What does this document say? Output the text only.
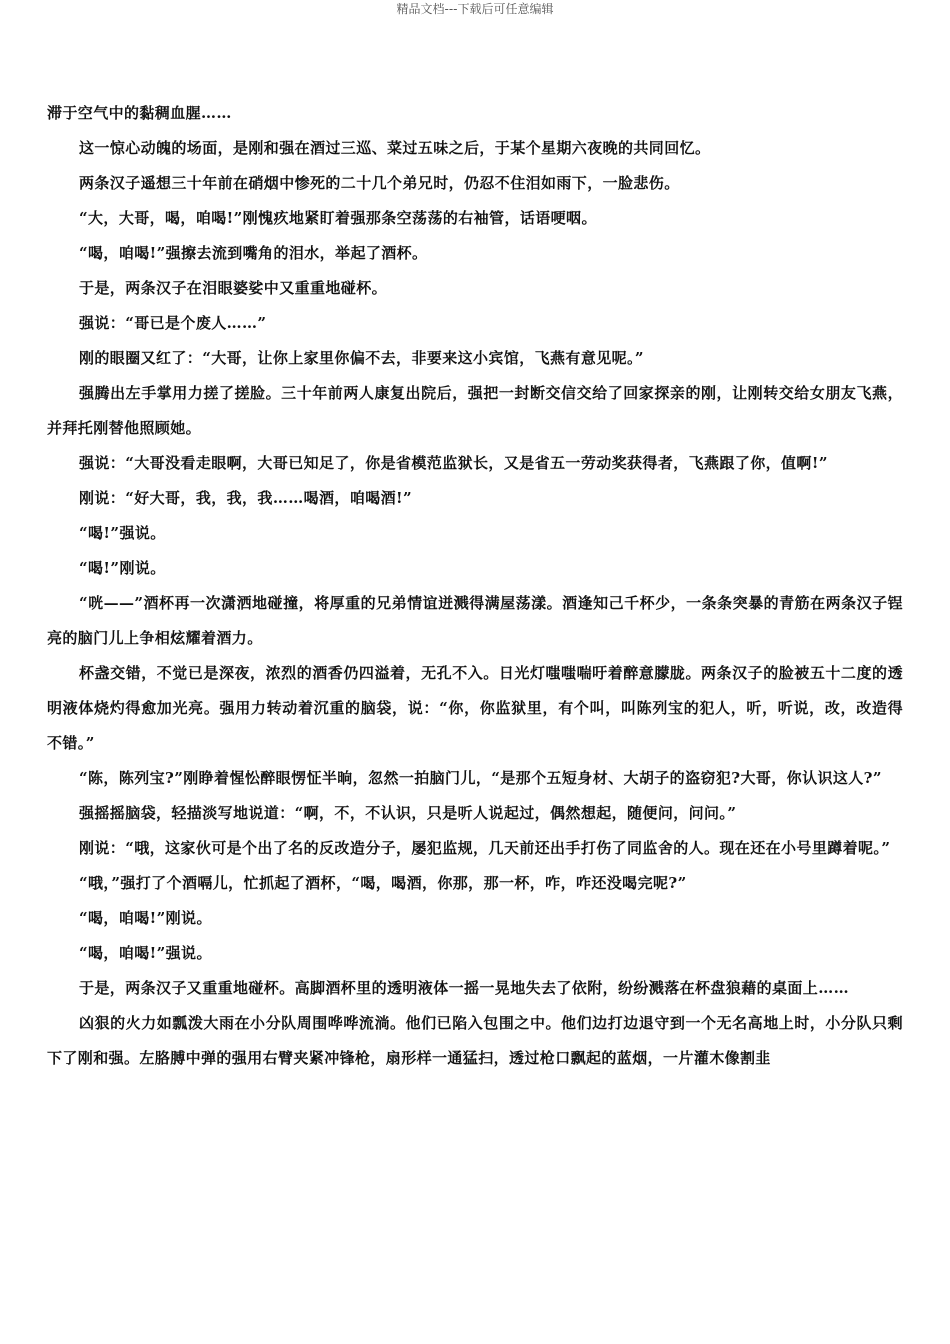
精品文档---下载后可任意编辑

滞于空气中的黏稠血腥……

这一惊心动魄的场面，是刚和强在酒过三巡、菜过五味之后，于某个星期六夜晚的共同回忆。

两条汉子遥想三十年前在硝烟中惨死的二十几个弟兄时，仍忍不住泪如雨下，一脸悲伤。

“大，大哥，喝，咱喝!”刚愧疚地紧盯着强那条空荡荡的右袖管，话语哽咽。

“喝，咱喝!”强擦去流到嘴角的泪水，举起了酒杯。

于是，两条汉子在泪眼婆娑中又重重地碰杯。

强说：“哥已是个废人……”

刚的眼圈又红了：“大哥，让你上家里你偏不去，非要来这小宾馆，飞燕有意见呢。”

强腾出左手掌用力搓了搓脸。三十年前两人康复出院后，强把一封断交信交给了回家探亲的刚，让刚转交给女朋友飞燕，并拜托刚替他照顾她。

强说：“大哥没看走眼啊，大哥已知足了，你是省模范监狱长，又是省五一劳动奖获得者，飞燕跟了你，值啊!”

刚说：“好大哥，我，我，我……喝酒，咱喝酒!”

“喝!”强说。

“喝!”刚说。

“咣——”酒杯再一次潇洒地碰撞，将厚重的兄弟情谊迸溅得满屋荡漾。酒逢知己千杯少，一条条突暴的青筋在两条汉子锃亮的脑门儿上争相炫耀着酒力。

杯盏交错，不觉已是深夜，浓烈的酒香仍四溢着，无孔不入。日光灯嗤嗤喘吁着醉意朦胧。两条汉子的脸被五十二度的透明液体烧灼得愈加光亮。强用力转动着沉重的脑袋，说：“你，你监狱里，有个叫，叫陈列宝的犯人，听，听说，改，改造得不错。”

“陈，陈列宝?”刚睁着惺忪醉眼愣怔半晌，忽然一拍脑门儿，“是那个五短身材、大胡子的盗窃犯?大哥，你认识这人?”

强摇摇脑袋，轻描淡写地说道：“啊，不，不认识，只是听人说起过，偶然想起，随便问，问问。”

刚说：“哦，这家伙可是个出了名的反改造分子，屡犯监规，几天前还出手打伤了同监舍的人。现在还在小号里蹲着呢。”

“哦，”强打了个酒嗝儿，忙抓起了酒杯，“喝，喝酒，你那，那一杯，咋，咋还没喝完呢?”

“喝，咱喝!”刚说。

“喝，咱喝!”强说。

于是，两条汉子又重重地碰杯。高脚酒杯里的透明液体一摇一晃地失去了依附，纷纷溅落在杯盘狼藉的桌面上……

凶狠的火力如瓢泼大雨在小分队周围哗哗流淌。他们已陷入包围之中。他们边打边退守到一个无名高地上时，小分队只剩下了刚和强。左胳膊中弹的强用右臂夹紧冲锋枪，扇形样一通猛扫，透过枪口飘起的蓝烟，一片灌木像割韭
